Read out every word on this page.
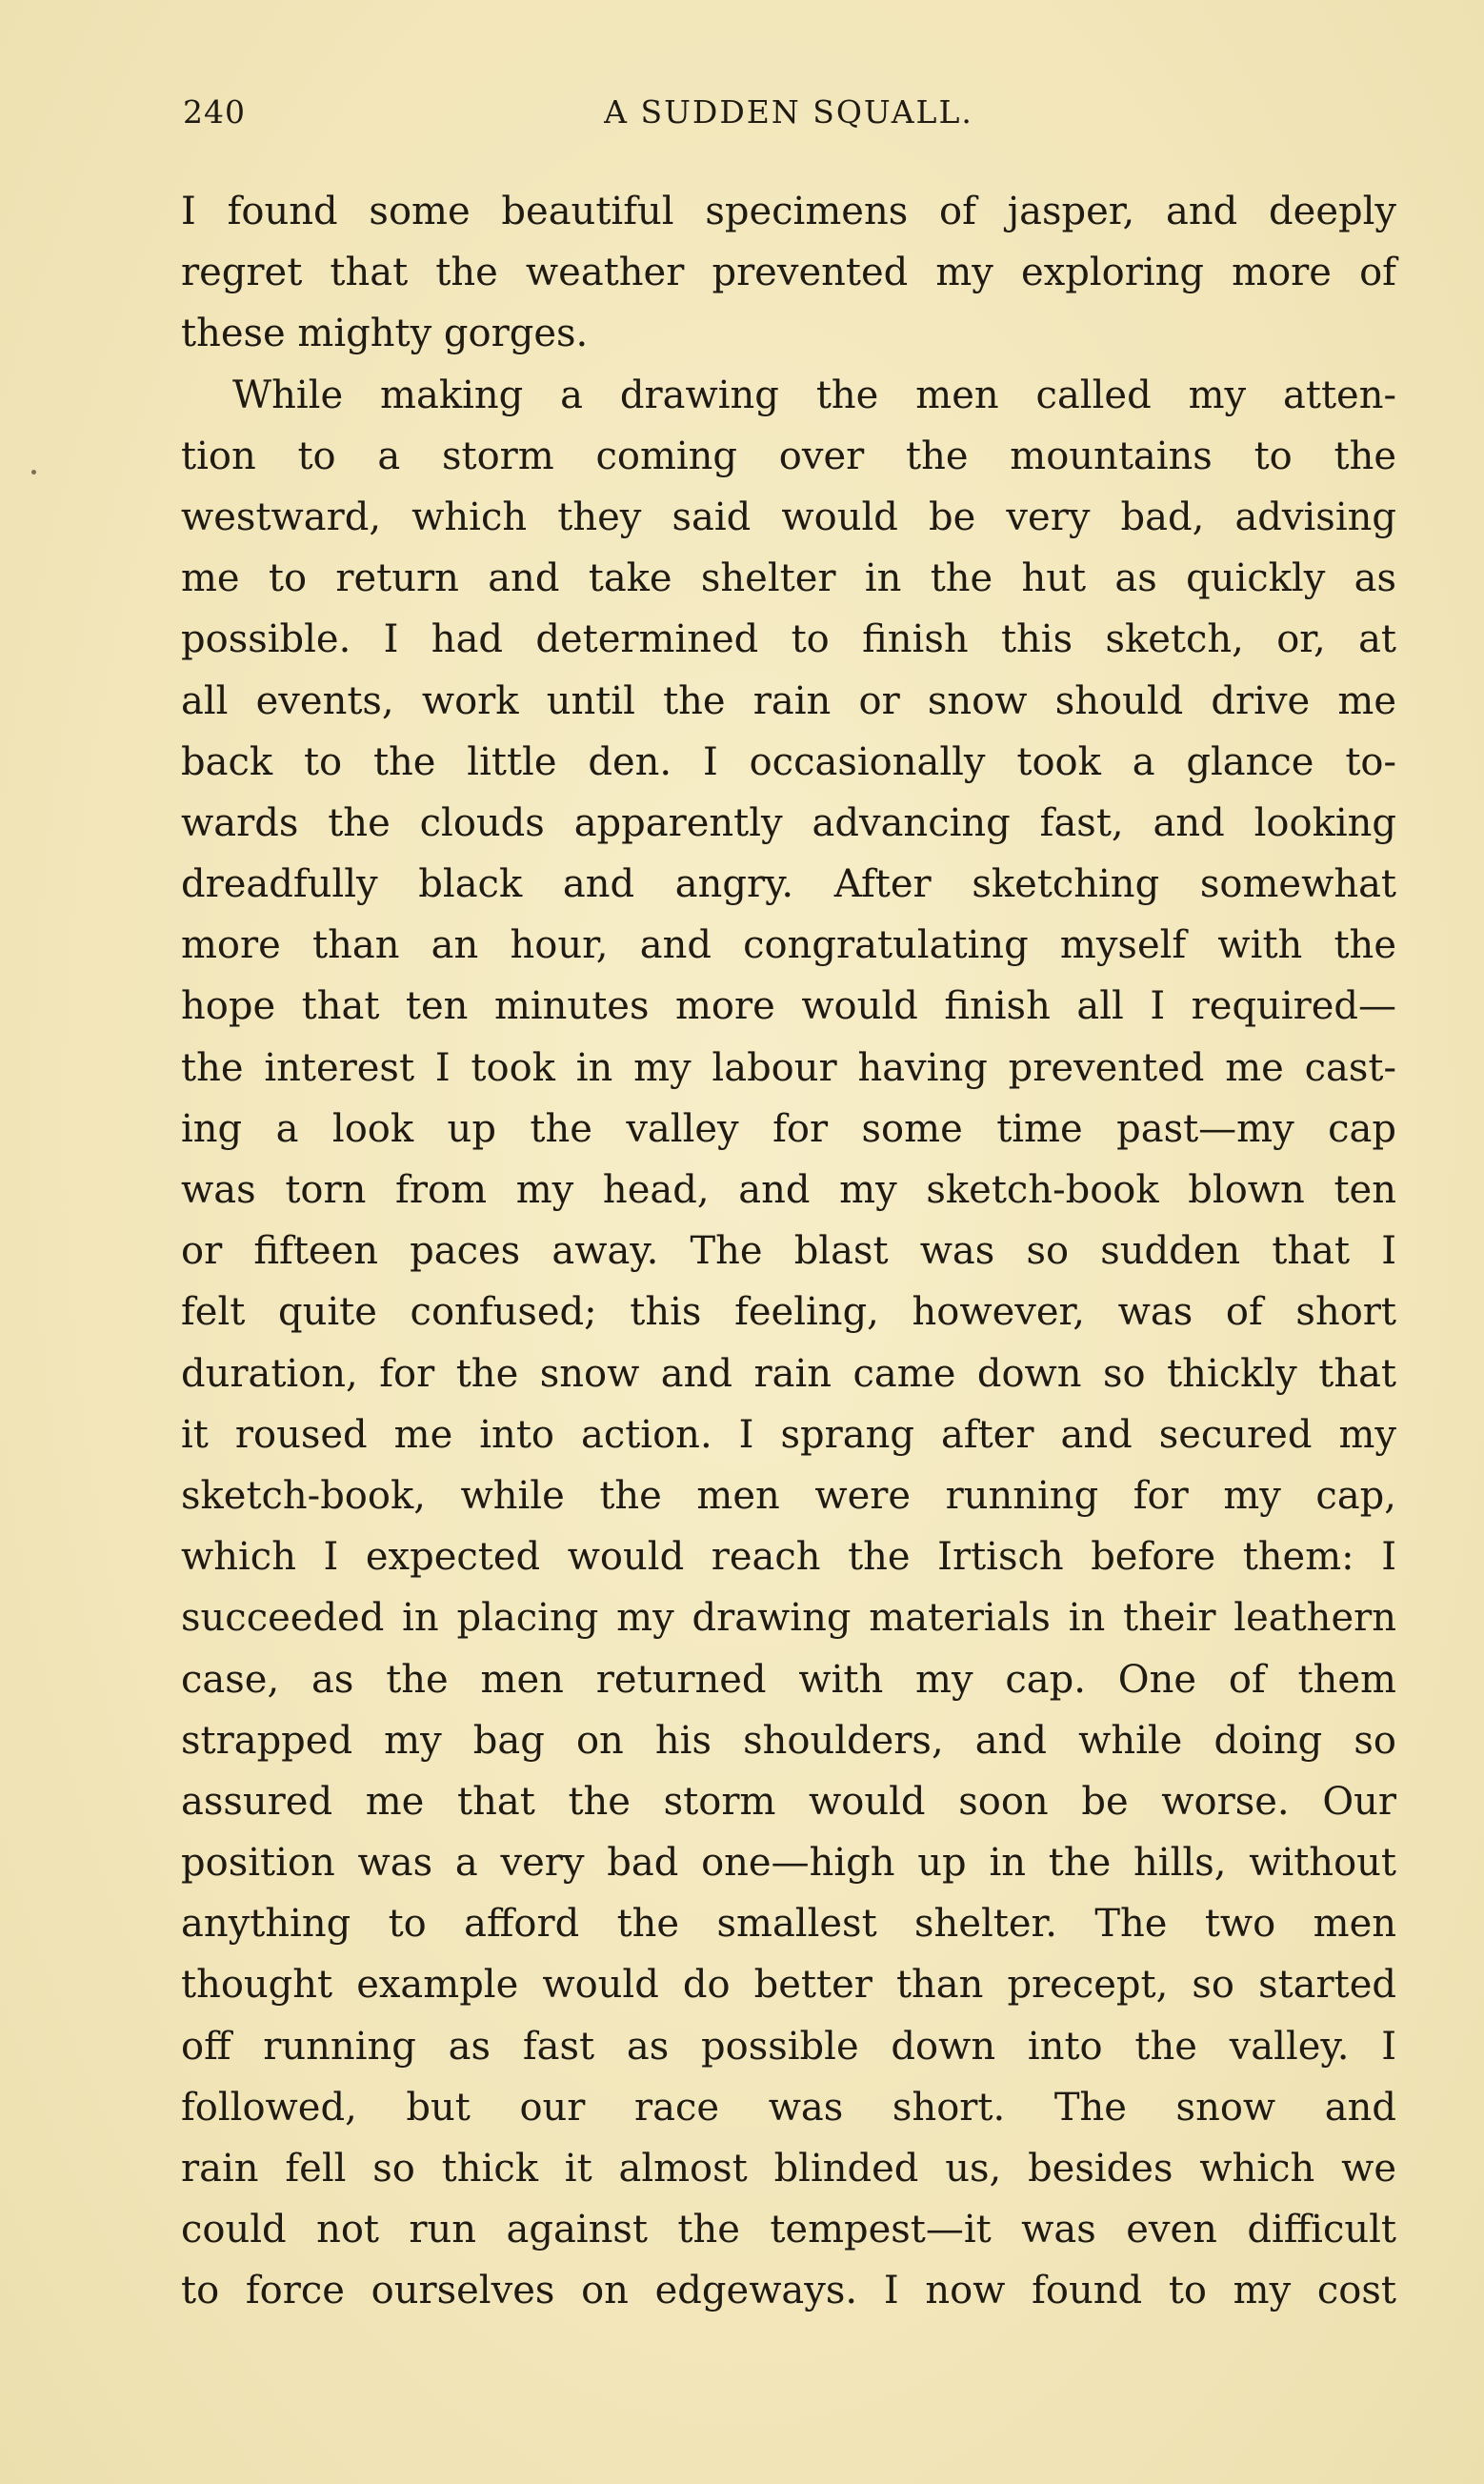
240	A SUDDEN SQUALL.
I found some beautiful specimens of jasper, and deeply
regret that the weather prevented my exploring more of
these mighty gorges.
While making a drawing the men called my atten-
tion to a storm coming over the mountains to the
westward, which they said would be very bad, advising
me to return and take shelter in the hut as quickly as
possible. I had determined to finish this sketch, or, at
all events, work until the rain or snow should drive me
back to the little den. I occasionally took a glance to-
wards the clouds apparently advancing fast, and looking
dreadfully black and angry. After sketching somewhat
more than an hour, and congratulating myself with the
hope that ten minutes more would finish all I required—
the interest I took in my labour having prevented me cast-
ing a look up the valley for some time past—my cap
was torn from my head, and my sketch-book blown ten
or fifteen paces away. The blast was so sudden that I
felt quite confused; this feeling, however, was of short
duration, for the snow and rain came down so thickly that
it roused me into action. I sprang after and secured my
sketch-book, while the men were running for my cap,
which I expected would reach the Irtisch before them: I
succeeded in placing my drawing materials in their leathern
case, as the men returned with my cap. One of them
strapped my bag on his shoulders, and while doing so
assured me that the storm would soon be worse. Our
position was a very bad one—high up in the hills, without
anything to afford the smallest shelter. The two men
thought example would do better than precept, so started
off running as fast as possible down into the valley. I
followed, but our race was short. The snow and
rain fell so thick it almost blinded us, besides which we
could not run against the tempest—it was even difficult
to force ourselves on edgeways. I now found to my cost
